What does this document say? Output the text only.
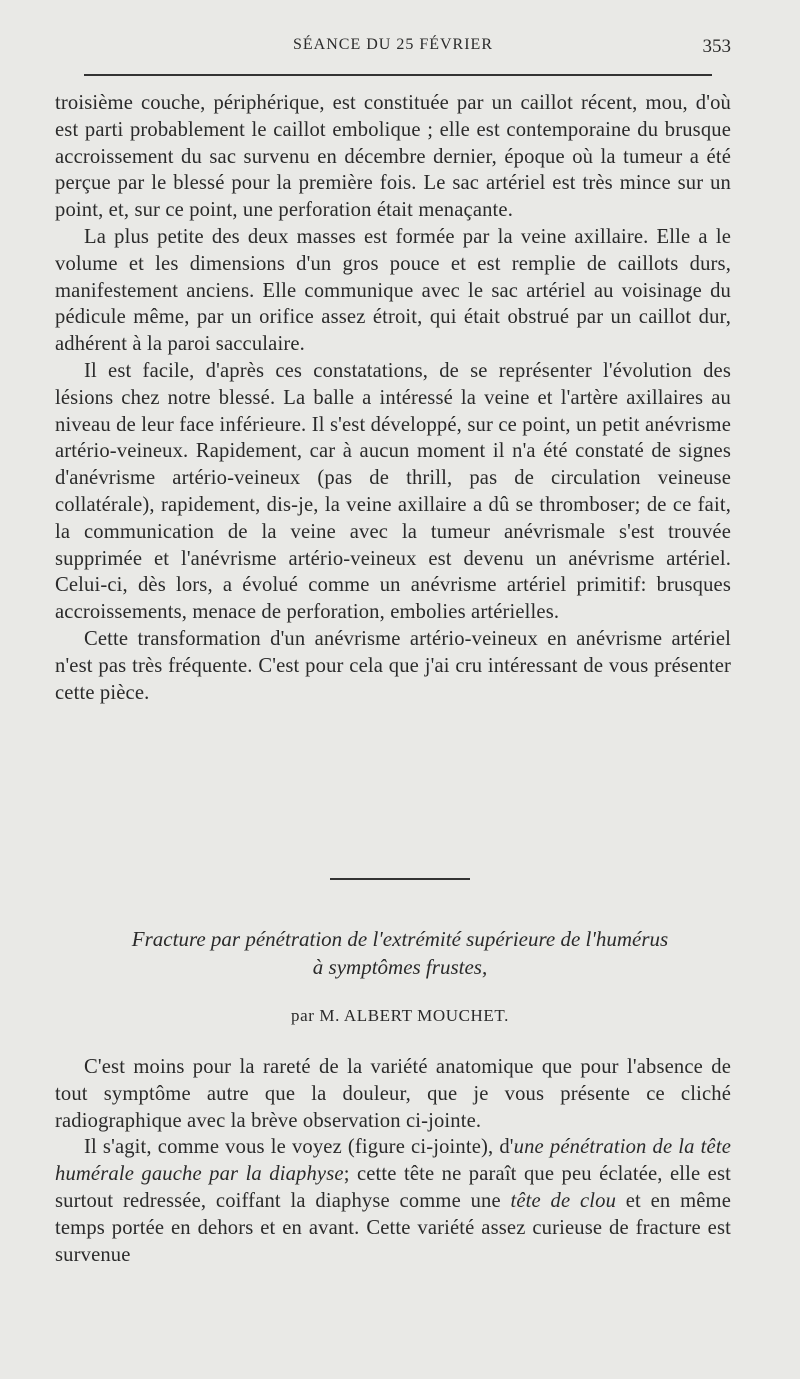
SÉANCE DU 25 FÉVRIER	353

troisième couche, périphérique, est constituée par un caillot récent, mou, d'où est parti probablement le caillot embolique ; elle est contemporaine du brusque accroissement du sac survenu en décembre dernier, époque où la tumeur a été perçue par le blessé pour la première fois. Le sac artériel est très mince sur un point, et, sur ce point, une perforation était menaçante.

La plus petite des deux masses est formée par la veine axillaire. Elle a le volume et les dimensions d'un gros pouce et est remplie de caillots durs, manifestement anciens. Elle communique avec le sac artériel au voisinage du pédicule même, par un orifice assez étroit, qui était obstrué par un caillot dur, adhérent à la paroi sacculaire.

Il est facile, d'après ces constatations, de se représenter l'évolution des lésions chez notre blessé. La balle a intéressé la veine et l'artère axillaires au niveau de leur face inférieure. Il s'est développé, sur ce point, un petit anévrisme artério-veineux. Rapidement, car à aucun moment il n'a été constaté de signes d'anévrisme artério-veineux (pas de thrill, pas de circulation veineuse collatérale), rapidement, dis-je, la veine axillaire a dû se thromboser; de ce fait, la communication de la veine avec la tumeur anévrismale s'est trouvée supprimée et l'anévrisme artério-veineux est devenu un anévrisme artériel. Celui-ci, dès lors, a évolué comme un anévrisme artériel primitif: brusques accroissements, menace de perforation, embolies artérielles.

Cette transformation d'un anévrisme artério-veineux en anévrisme artériel n'est pas très fréquente. C'est pour cela que j'ai cru intéressant de vous présenter cette pièce.

Fracture par pénétration de l'extrémité supérieure de l'humérus
à symptômes frustes,
par M. ALBERT MOUCHET.

C'est moins pour la rareté de la variété anatomique que pour l'absence de tout symptôme autre que la douleur, que je vous présente ce cliché radiographique avec la brève observation ci-jointe.

Il s'agit, comme vous le voyez (figure ci-jointe), d'une pénétration de la tête humérale gauche par la diaphyse; cette tête ne paraît que peu éclatée, elle est surtout redressée, coiffant la diaphyse comme une tête de clou et en même temps portée en dehors et en avant. Cette variété assez curieuse de fracture est survenue
